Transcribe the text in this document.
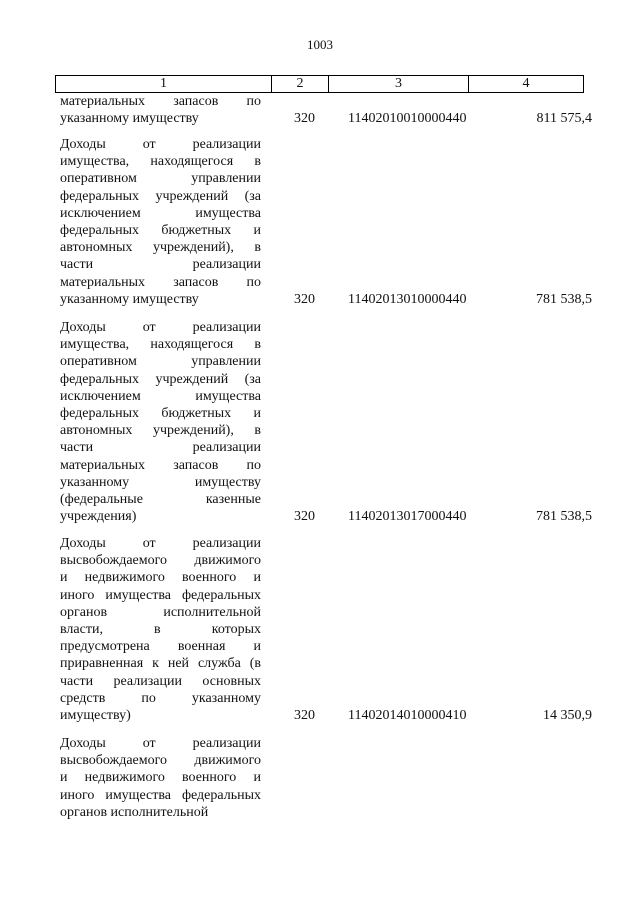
1003
1	2	3	4
материальных запасов по
указанному имуществу	320	11402010010000440	811 575,4
Доходы от реализации
имущества, находящегося в
оперативном управлении
федеральных учреждений (за
исключением имущества
федеральных бюджетных и
автономных учреждений), в
части реализации
материальных запасов по
указанному имуществу	320	11402013010000440	781 538,5
Доходы от реализации
имущества, находящегося в
оперативном управлении
федеральных учреждений (за
исключением имущества
федеральных бюджетных и
автономных учреждений), в
части реализации
материальных запасов по
указанному имуществу
(федеральные казенные
учреждения)	320	11402013017000440	781 538,5
Доходы от реализации
высвобождаемого движимого
и недвижимого военного и
иного имущества федеральных
органов исполнительной
власти, в которых
предусмотрена военная и
приравненная к ней служба (в
части реализации основных
средств по указанному
имуществу)	320	11402014010000410	14 350,9
Доходы от реализации
высвобождаемого движимого
и недвижимого военного и
иного имущества федеральных
органов исполнительной
